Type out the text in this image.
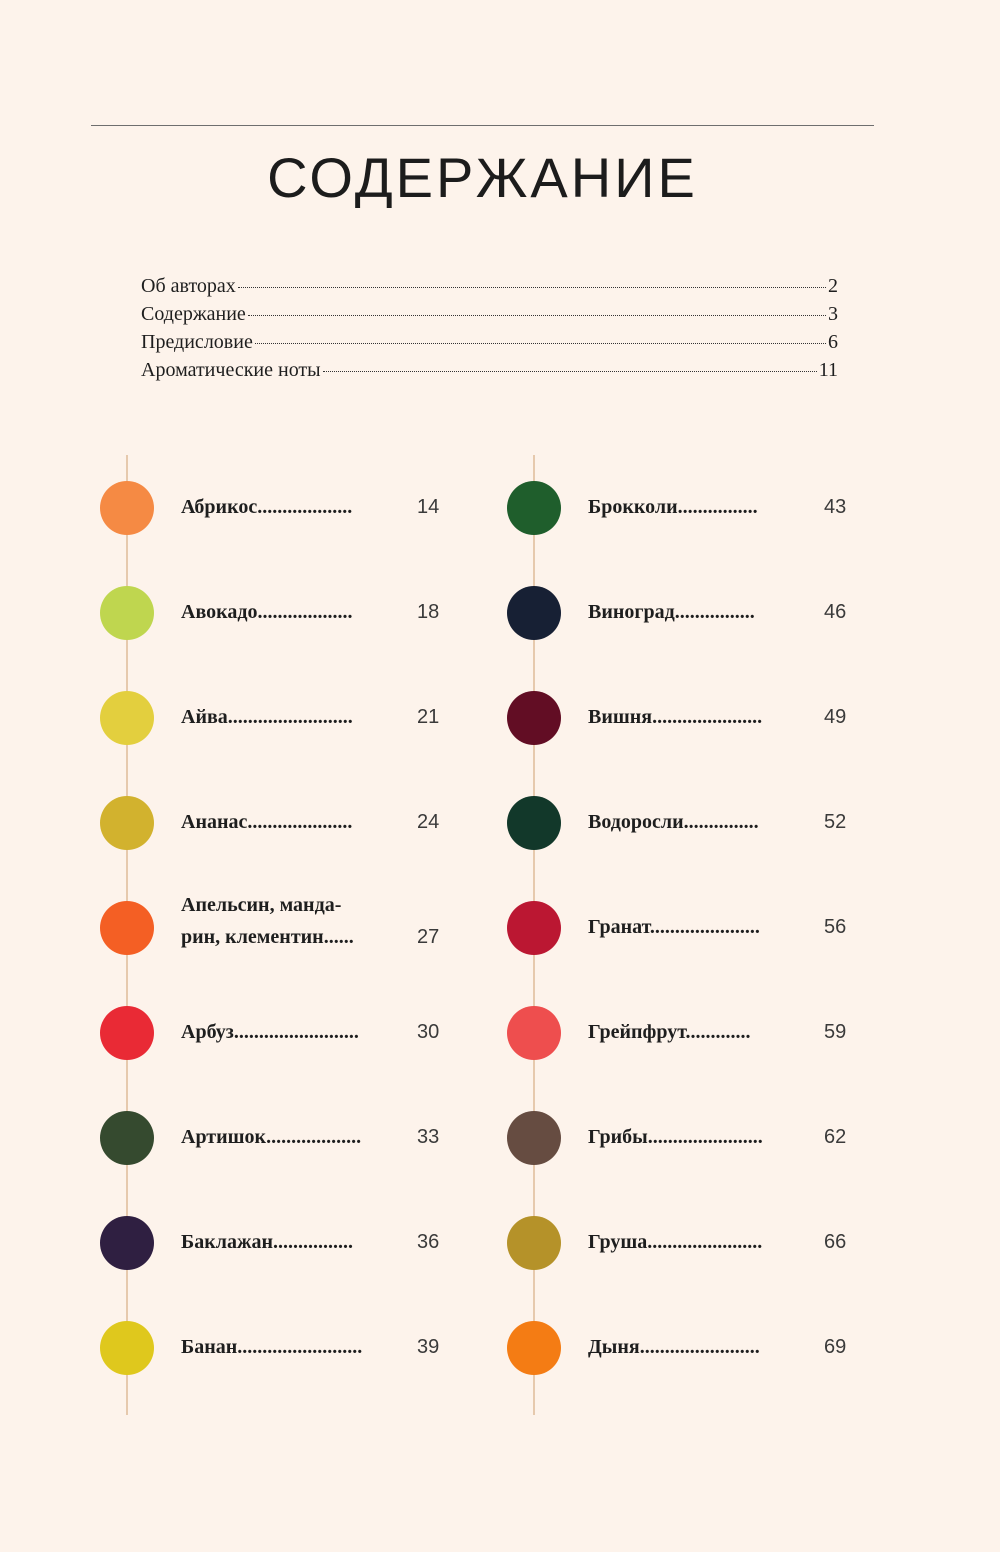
СОДЕРЖАНИЕ
Об авторах	2
Содержание	3
Предисловие	6
Ароматические ноты	11
Абрикос...................	14
Авокадо...................	18
Айва.........................	21
Ананас.....................	24
Апельсин, манда-
рин, клементин......	27
Арбуз.........................	30
Артишок...................	33
Баклажан................	36
Банан.........................	39
Брокколи................	43
Виноград................	46
Вишня......................	49
Водоросли...............	52
Гранат......................	56
Грейпфрут.............	59
Грибы.......................	62
Груша.......................	66
Дыня........................	69
